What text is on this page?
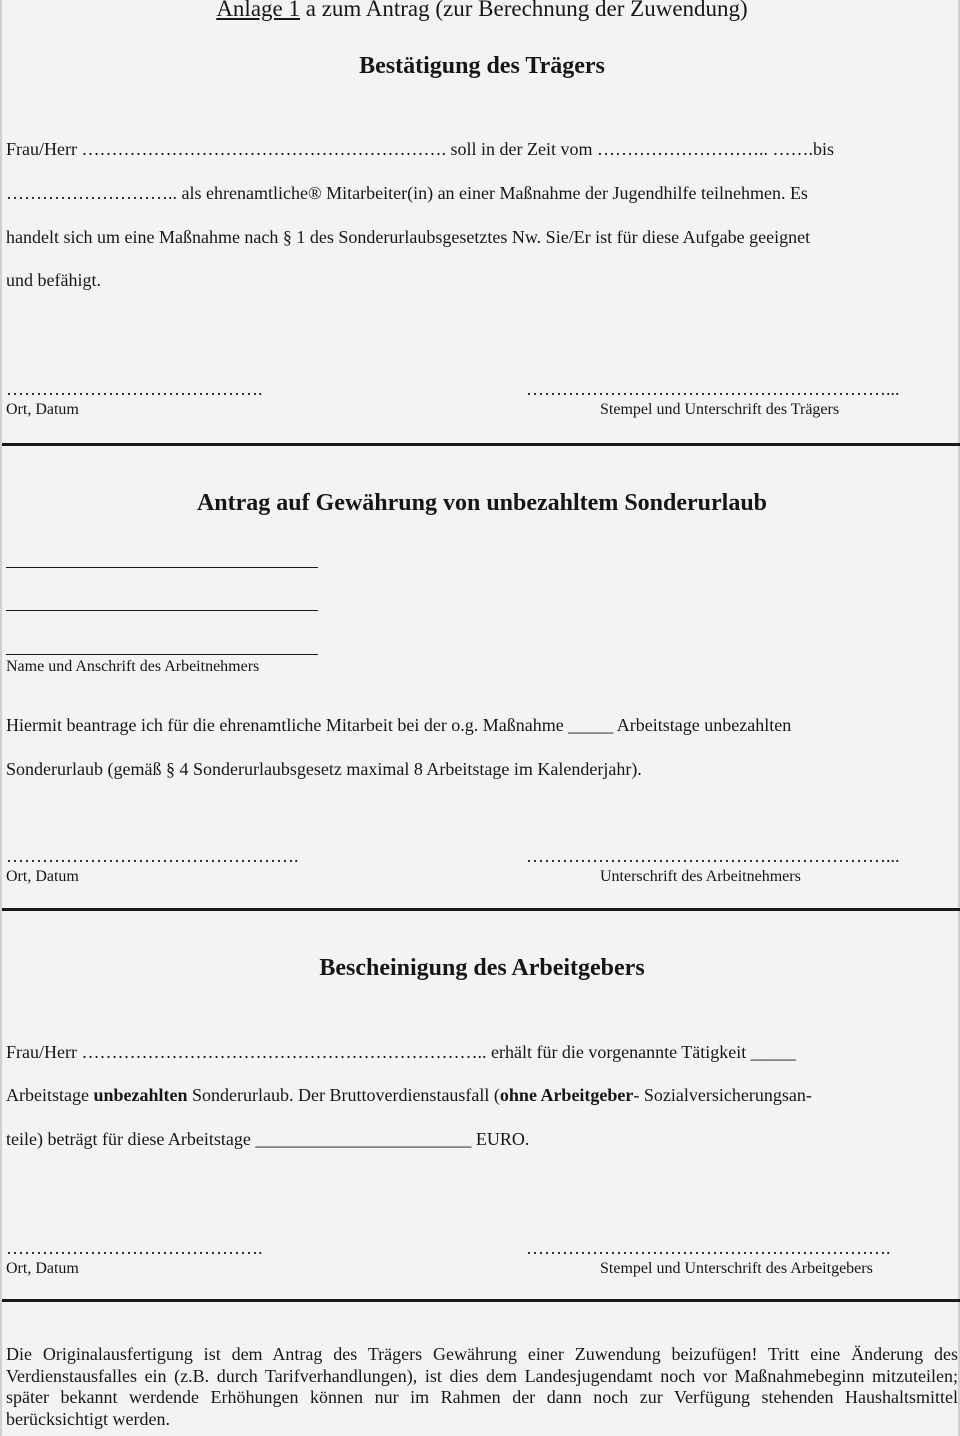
Anlage 1 a zum Antrag (zur Berechnung der Zuwendung)
Bestätigung des Trägers
Frau/Herr ……………………………………………………. soll in der Zeit vom ……………………….. …….bis
……………………….. als ehrenamtliche® Mitarbeiter(in) an einer Maßnahme der Jugendhilfe teilnehmen. Es
handelt sich um eine Maßnahme nach § 1 des Sonderurlaubsgesetztes Nw. Sie/Er ist für diese Aufgabe geeignet
und befähigt.
…………………………………….	……………………………………………………...
Ort, Datum	Stempel und Unterschrift des Trägers
Antrag auf Gewährung von unbezahltem Sonderurlaub
Name und Anschrift des Arbeitnehmers
Hiermit beantrage ich für die ehrenamtliche Mitarbeit bei der o.g. Maßnahme _____ Arbeitstage unbezahlten
Sonderurlaub (gemäß § 4 Sonderurlaubsgesetz maximal 8 Arbeitstage im Kalenderjahr).
………………………………………….	……………………………………………………...
Ort, Datum	Unterschrift des Arbeitnehmers
Bescheinigung des Arbeitgebers
Frau/Herr ………………………………………………………….. erhält für die vorgenannte Tätigkeit _____
Arbeitstage unbezahlten Sonderurlaub. Der Bruttoverdienstausfall (ohne Arbeitgeber- Sozialversicherungsan-
teile) beträgt für diese Arbeitstage ________________________ EURO.
…………………………………….	…………………………………………………….
Ort, Datum	Stempel und Unterschrift des Arbeitgebers
Die Originalausfertigung ist dem Antrag des Trägers Gewährung einer Zuwendung beizufügen! Tritt eine Änderung des Verdienstausfalles ein (z.B. durch Tarifverhandlungen), ist dies dem Landesjugendamt noch vor Maßnahmebeginn mitzuteilen; später bekannt werdende Erhöhungen können nur im Rahmen der dann noch zur Verfügung stehenden Haushaltsmittel berücksichtigt werden.
